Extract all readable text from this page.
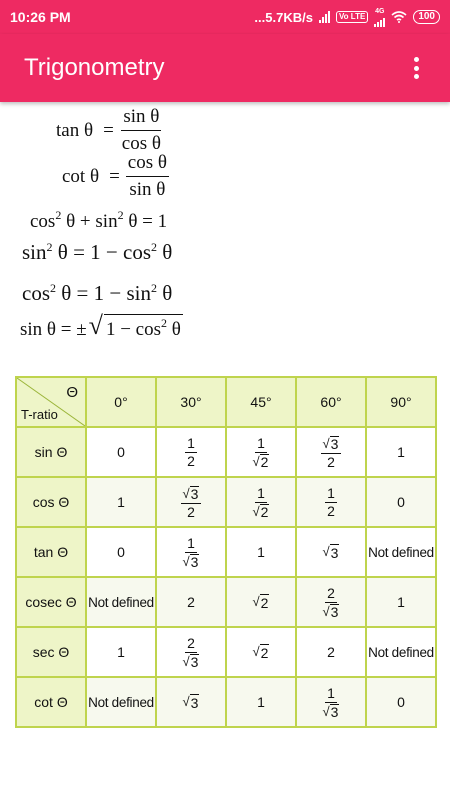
10:26 PM	...5.7KB/s	Vo LTE
4G	100
Trigonometry
$\tan \theta = \frac{\text{sin θ}}{\text{cos θ}}$
$\cot \theta = \frac{\text{cos θ}}{\text{sin θ}}$
$\cos^2 \theta + \sin^2 \theta = 1$
$\sin^2 \theta = 1 - \cos^2 \theta$
$\cos^2 \theta = 1 - \sin^2 \theta$
sin θ = ± √ $1 - \cos^2 \theta$
Θ
T-ratio	0°	30°	45°	60°	90°
sin Θ	0	$\frac{1}{2}$	$\frac{1}{√ 2}$	$\frac{√ 3}{2}$	1
cos Θ	1	$\frac{√ 3}{2}$	$\frac{1}{√ 2}$	$\frac{1}{2}$	0
tan Θ	0	$\frac{1}{√ 3}$	1	√ 3	Not defined
cosec Θ	Not defined	2	√ 2	$\frac{2}{√ 3}$	1
sec Θ	1	$\frac{2}{√ 3}$	√ 2	2	Not defined
cot Θ	Not defined	√ 3	1	$\frac{1}{√ 3}$	0
